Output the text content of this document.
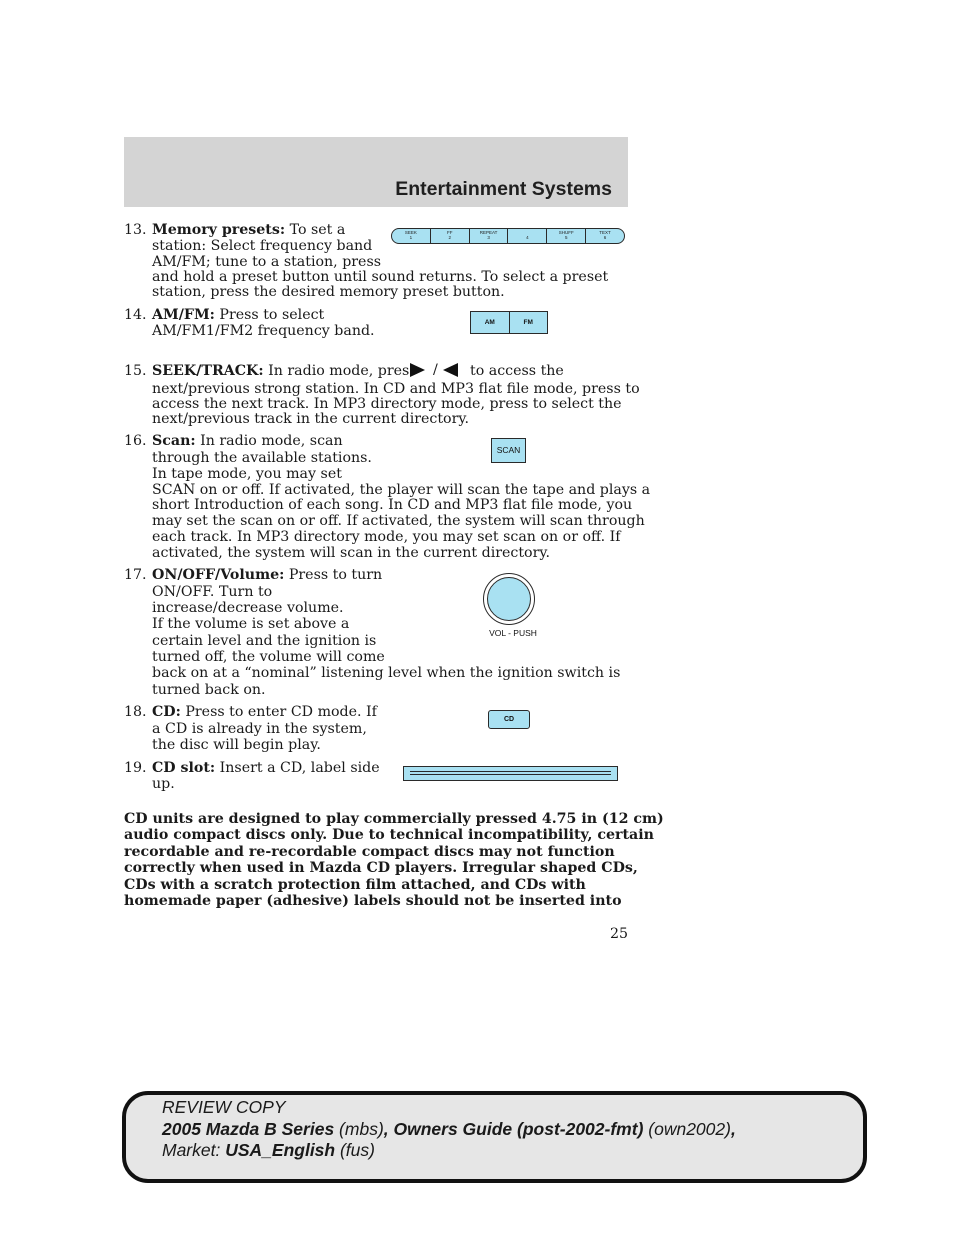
Entertainment Systems
13. Memory presets: To set a
station: Select frequency band
AM/FM; tune to a station, press
and hold a preset button until sound returns. To select a preset
station, press the desired memory preset button.
SEEK
1
FF
2
REPEAT
3	4
SHUFF
5
TEXT
6
14. AM/FM: Press to select
AM/FM1/FM2 frequency band.
AM	FM
15. SEEK/TRACK: In radio mode, press	to access the
next/previous strong station. In CD and MP3 flat file mode, press to
access the next track. In MP3 directory mode, press to select the
next/previous track in the current directory.
/
16. Scan: In radio mode, scan
through the available stations.
In tape mode, you may set
SCAN on or off. If activated, the player will scan the tape and plays a
short Introduction of each song. In CD and MP3 flat file mode, you
may set the scan on or off. If activated, the system will scan through
each track. In MP3 directory mode, you may set scan on or off. If
activated, the system will scan in the current directory.
SCAN
17. ON/OFF/Volume: Press to turn
ON/OFF. Turn to
increase/decrease volume.
If the volume is set above a
certain level and the ignition is
turned off, the volume will come
back on at a “nominal” listening level when the ignition switch is
turned back on.
VOL - PUSH
18. CD: Press to enter CD mode. If
a CD is already in the system,
the disc will begin play.
CD
19. CD slot: Insert a CD, label side
up.
CD units are designed to play commercially pressed 4.75 in (12 cm)
audio compact discs only. Due to technical incompatibility, certain
recordable and re-recordable compact discs may not function
correctly when used in Mazda CD players. Irregular shaped CDs,
CDs with a scratch protection film attached, and CDs with
homemade paper (adhesive) labels should not be inserted into
25
REVIEW COPY
2005 Mazda B Series (mbs), Owners Guide (post-2002-fmt) (own2002),
Market: USA_English (fus)
